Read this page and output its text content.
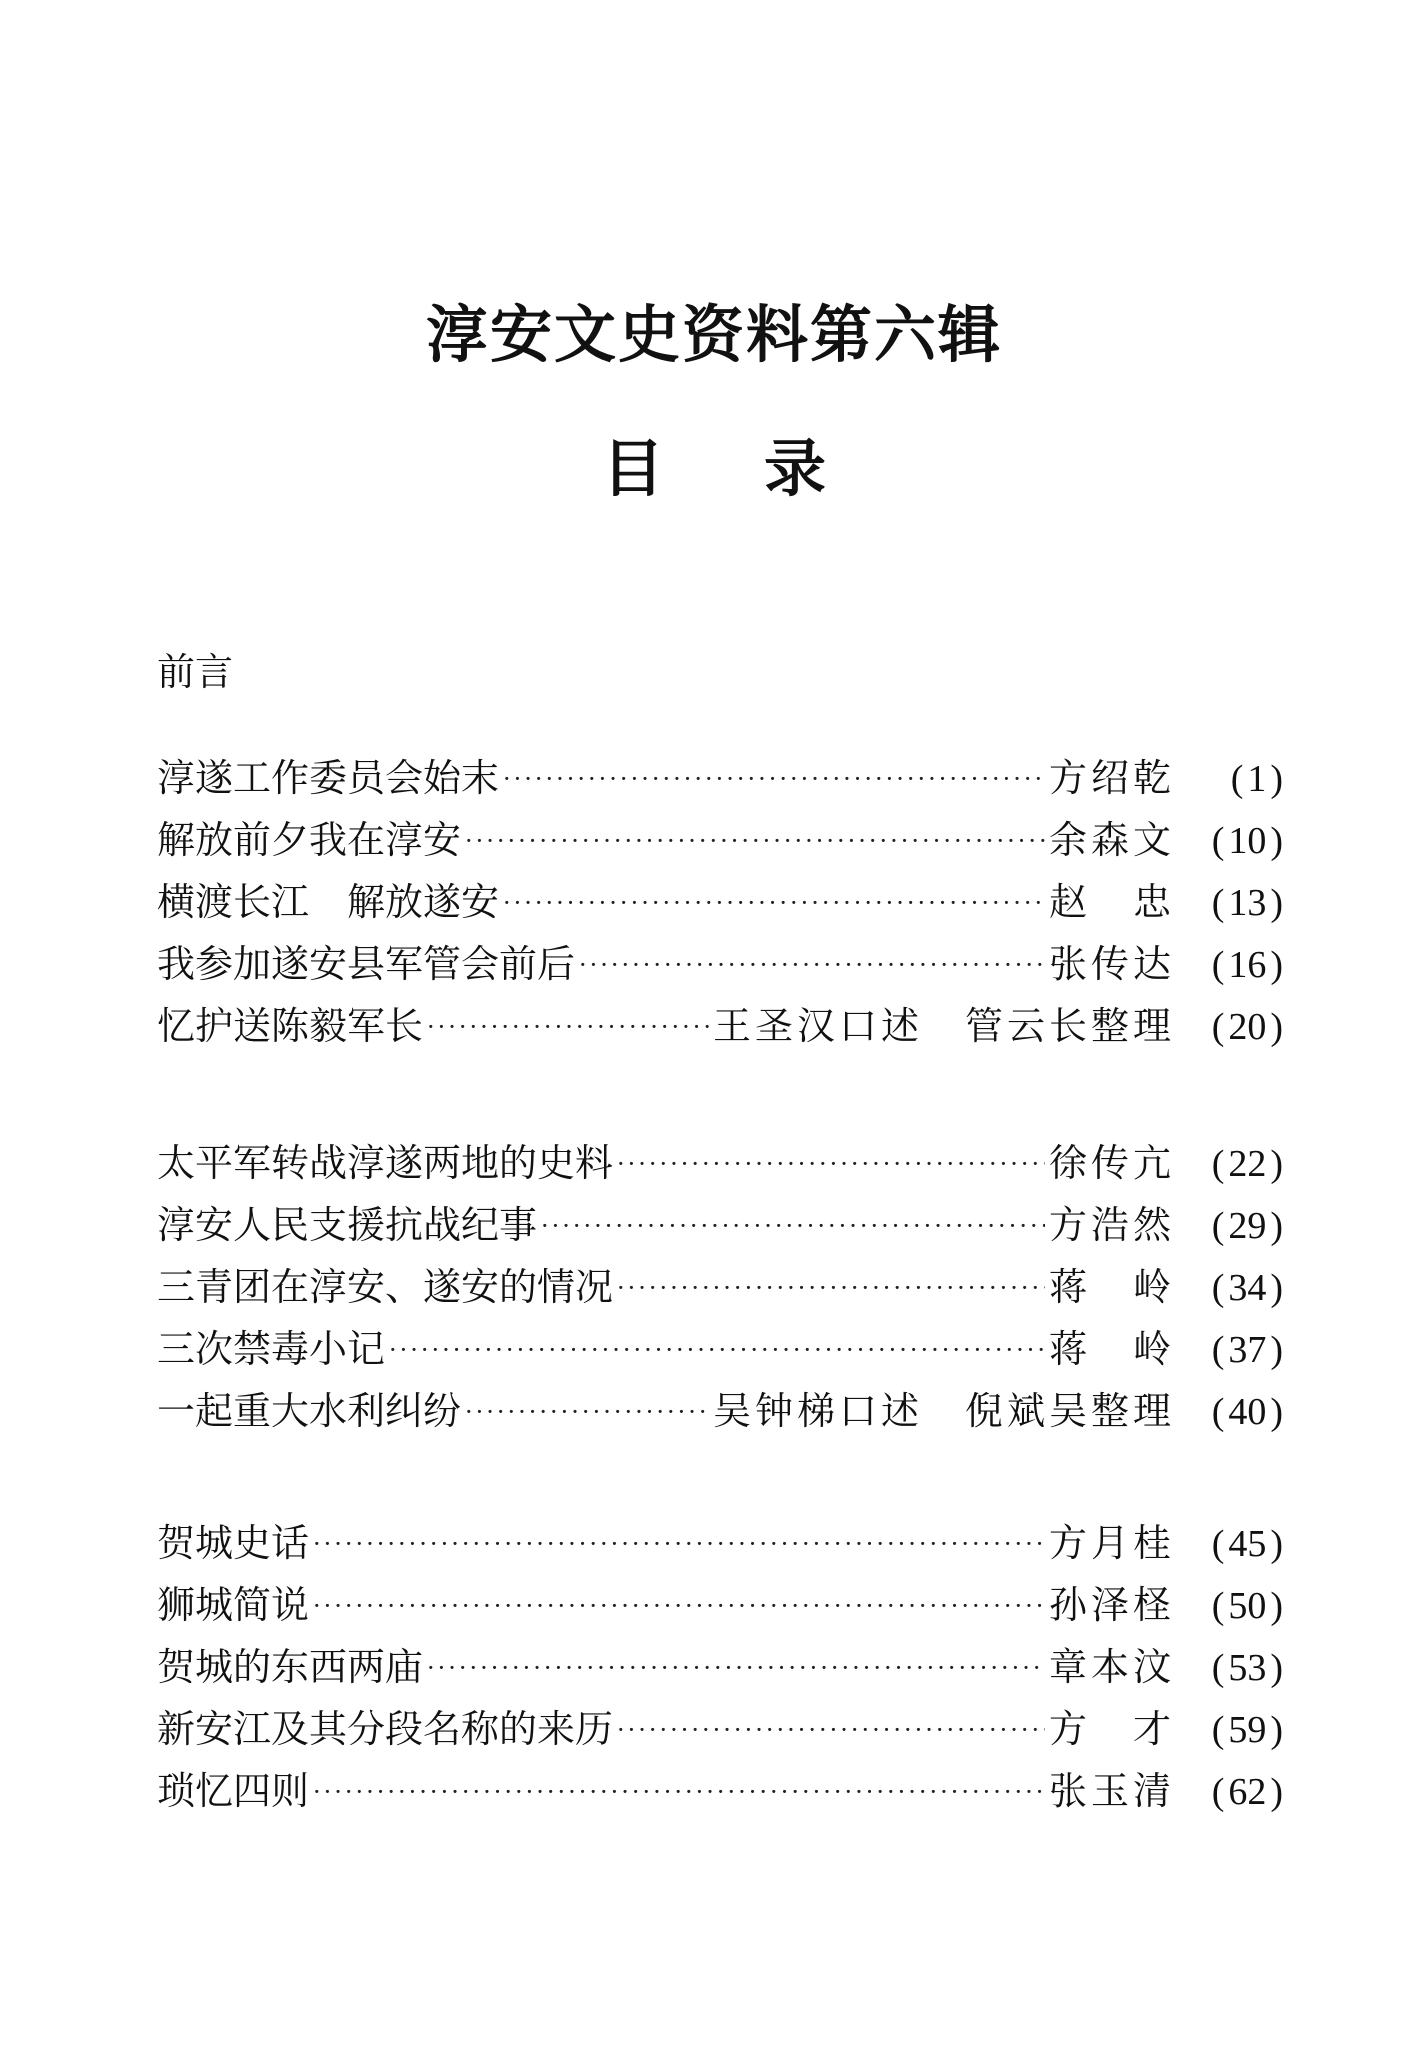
淳安文史资料第六辑
目 录
前言
淳遂工作委员会始末 ·····	方绍乾	( 1 )
解放前夕我在淳安 ·····	余森文 ( 10 )
横渡长江　解放遂安 ·····	赵　忠 ( 13 )
我参加遂安县军管会前后 ·····	张传达 ( 16 )
忆护送陈毅军长 ·····	王圣汉口述　管云长整理 ( 20 )
太平军转战淳遂两地的史料 ·····	徐传亢 ( 22 )
淳安人民支援抗战纪事 ·····	方浩然 ( 29 )
三青团在淳安、遂安的情况 ·····	蒋　岭 ( 34 )
三次禁毒小记 ·····	蒋　岭 ( 37 )
一起重大水利纠纷 ·····	吴钟梯口述　倪斌吴整理 ( 40 )
贺城史话 ·····	方月桂 ( 45 )
狮城简说 ·····	孙泽柽 ( 50 )
贺城的东西两庙 ·····	章本汶 ( 53 )
新安江及其分段名称的来历 ·····	方　才 ( 59 )
琐忆四则 ·····	张玉清 ( 62 )
